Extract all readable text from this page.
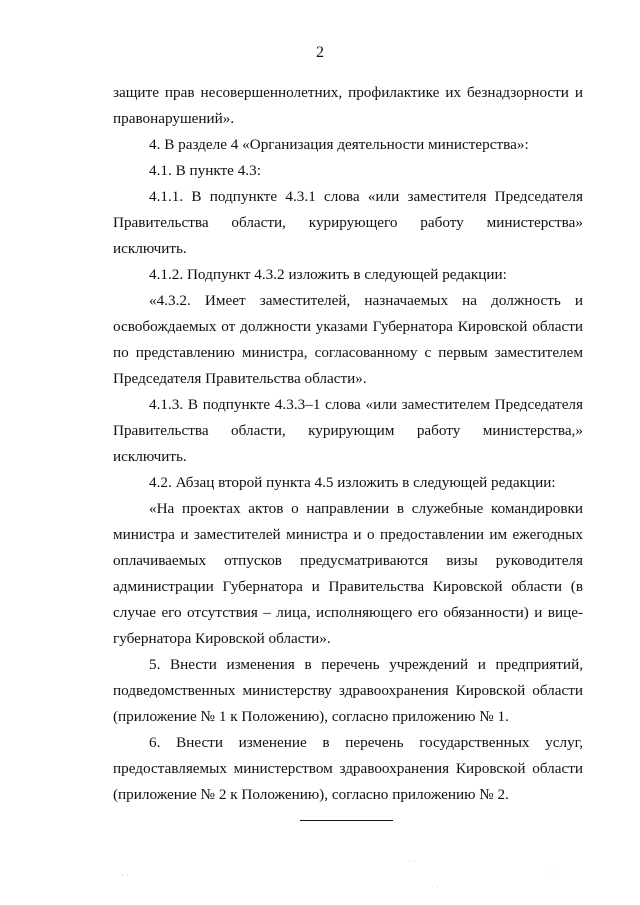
2

защите прав несовершеннолетних, профилактике их безнадзорности и правонарушений».

4. В разделе 4 «Организация деятельности министерства»:

4.1. В пункте 4.3:

4.1.1. В подпункте 4.3.1 слова «или заместителя Председателя Правительства области, курирующего работу министерства» исключить.

4.1.2. Подпункт 4.3.2 изложить в следующей редакции:

«4.3.2. Имеет заместителей, назначаемых на должность и освобождаемых от должности указами Губернатора Кировской области по представлению министра, согласованному с первым заместителем Председателя Правительства области».

4.1.3. В подпункте 4.3.3–1 слова «или заместителем Председателя Правительства области, курирующим работу министерства,» исключить.

4.2. Абзац второй пункта 4.5 изложить в следующей редакции:

«На проектах актов о направлении в служебные командировки министра и заместителей министра и о предоставлении им ежегодных оплачиваемых отпусков предусматриваются визы руководителя администрации Губернатора и Правительства Кировской области (в случае его отсутствия – лица, исполняющего его обязанности) и вице-губернатора Кировской области».

5. Внести изменения в перечень учреждений и предприятий, подведомственных министерству здравоохранения Кировской области (приложение № 1 к Положению), согласно приложению № 1.

6. Внести изменение в перечень государственных услуг, предоставляемых министерством здравоохранения Кировской области (приложение № 2 к Положению), согласно приложению № 2.

· ·
· ·
·
· ·
